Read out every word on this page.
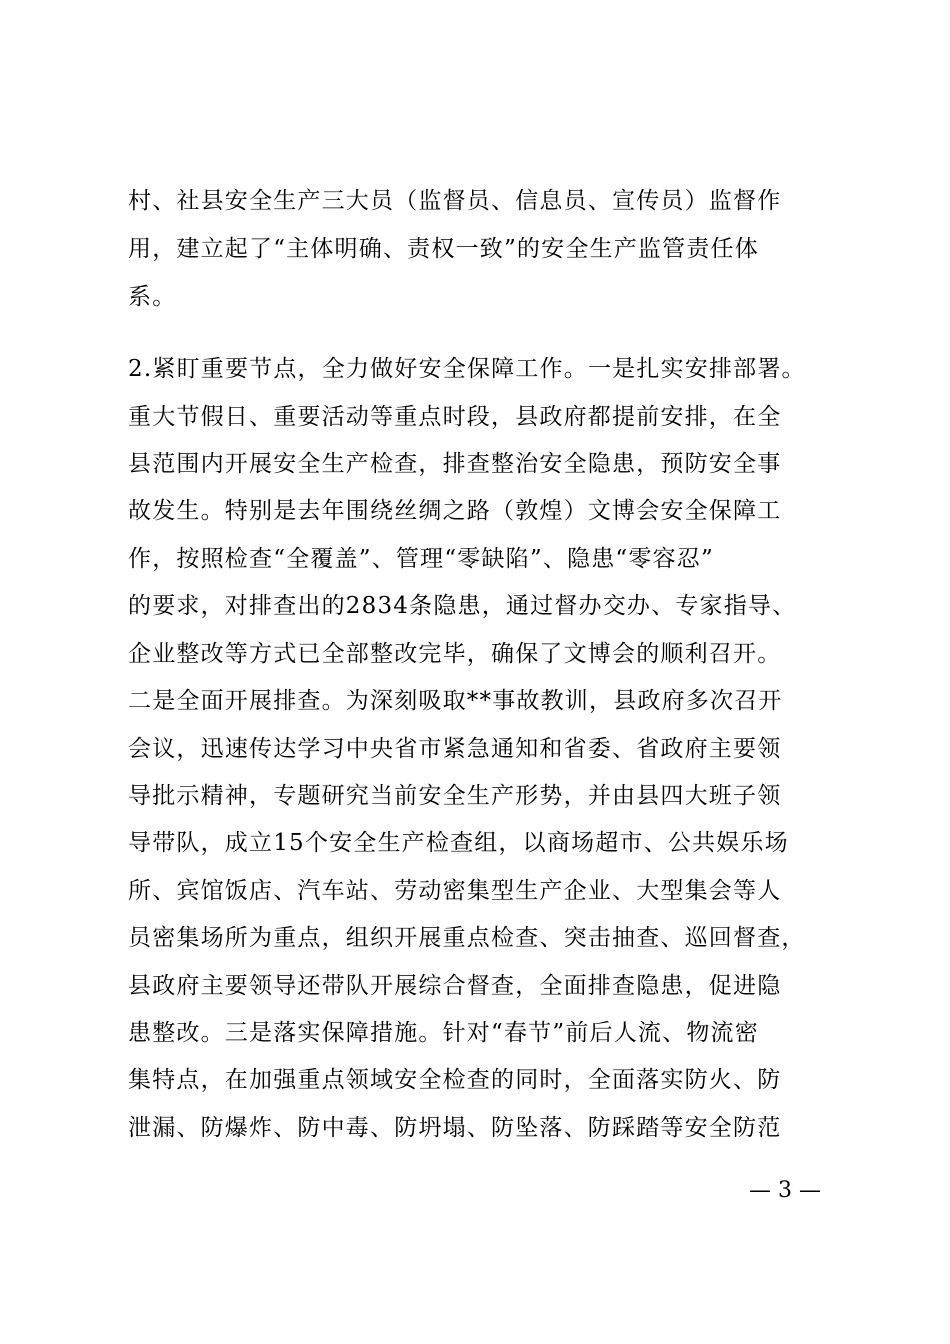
村、社县安全生产三大员（监督员、信息员、宣传员）监督作
用，建立起了“主体明确、责权一致”的安全生产监管责任体
系。
2.紧盯重要节点，全力做好安全保障工作。一是扎实安排部署。
重大节假日、重要活动等重点时段，县政府都提前安排，在全
县范围内开展安全生产检查，排查整治安全隐患，预防安全事
故发生。特别是去年围绕丝绸之路（敦煌）文博会安全保障工
作，按照检查“全覆盖”、管理“零缺陷”、隐患“零容忍”
的要求，对排查出的2834条隐患，通过督办交办、专家指导、
企业整改等方式已全部整改完毕，确保了文博会的顺利召开。
二是全面开展排查。为深刻吸取**事故教训，县政府多次召开
会议，迅速传达学习中央省市紧急通知和省委、省政府主要领
导批示精神，专题研究当前安全生产形势，并由县四大班子领
导带队，成立15个安全生产检查组，以商场超市、公共娱乐场
所、宾馆饭店、汽车站、劳动密集型生产企业、大型集会等人
员密集场所为重点，组织开展重点检查、突击抽查、巡回督查，
县政府主要领导还带队开展综合督查，全面排查隐患，促进隐
患整改。三是落实保障措施。针对“春节”前后人流、物流密
集特点，在加强重点领域安全检查的同时，全面落实防火、防
泄漏、防爆炸、防中毒、防坍塌、防坠落、防踩踏等安全防范
— 3 —
